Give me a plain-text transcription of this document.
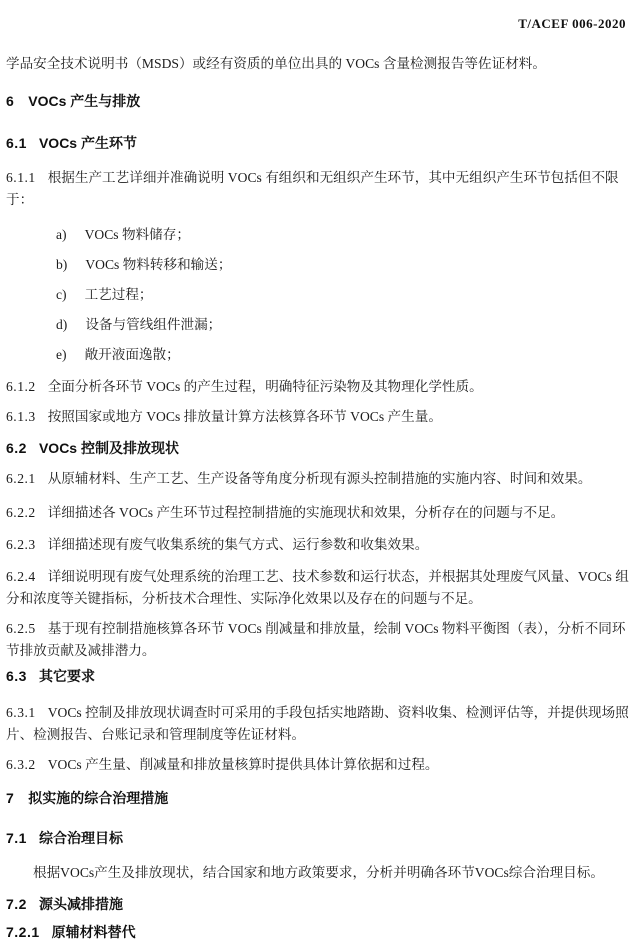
T/ACEF 006-2020
学品安全技术说明书（MSDS）或经有资质的单位出具的 VOCs 含量检测报告等佐证材料。
6 VOCs 产生与排放
6.1 VOCs 产生环节
6.1.1 根据生产工艺详细并准确说明 VOCs 有组织和无组织产生环节，其中无组织产生环节包括但不限于：
a) VOCs 物料储存；
b) VOCs 物料转移和输送；
c) 工艺过程；
d) 设备与管线组件泄漏；
e) 敞开液面逸散；
6.1.2 全面分析各环节 VOCs 的产生过程，明确特征污染物及其物理化学性质。
6.1.3 按照国家或地方 VOCs 排放量计算方法核算各环节 VOCs 产生量。
6.2 VOCs 控制及排放现状
6.2.1 从原辅材料、生产工艺、生产设备等角度分析现有源头控制措施的实施内容、时间和效果。
6.2.2 详细描述各 VOCs 产生环节过程控制措施的实施现状和效果，分析存在的问题与不足。
6.2.3 详细描述现有废气收集系统的集气方式、运行参数和收集效果。
6.2.4 详细说明现有废气处理系统的治理工艺、技术参数和运行状态，并根据其处理废气风量、VOCs 组分和浓度等关键指标，分析技术合理性、实际净化效果以及存在的问题与不足。
6.2.5 基于现有控制措施核算各环节 VOCs 削减量和排放量，绘制 VOCs 物料平衡图（表），分析不同环节排放贡献及减排潜力。
6.3 其它要求
6.3.1 VOCs 控制及排放现状调查时可采用的手段包括实地踏勘、资料收集、检测评估等，并提供现场照片、检测报告、台账记录和管理制度等佐证材料。
6.3.2 VOCs 产生量、削减量和排放量核算时提供具体计算依据和过程。
7 拟实施的综合治理措施
7.1 综合治理目标
根据VOCs产生及排放现状，结合国家和地方政策要求，分析并明确各环节VOCs综合治理目标。
7.2 源头减排措施
7.2.1 原辅材料替代
